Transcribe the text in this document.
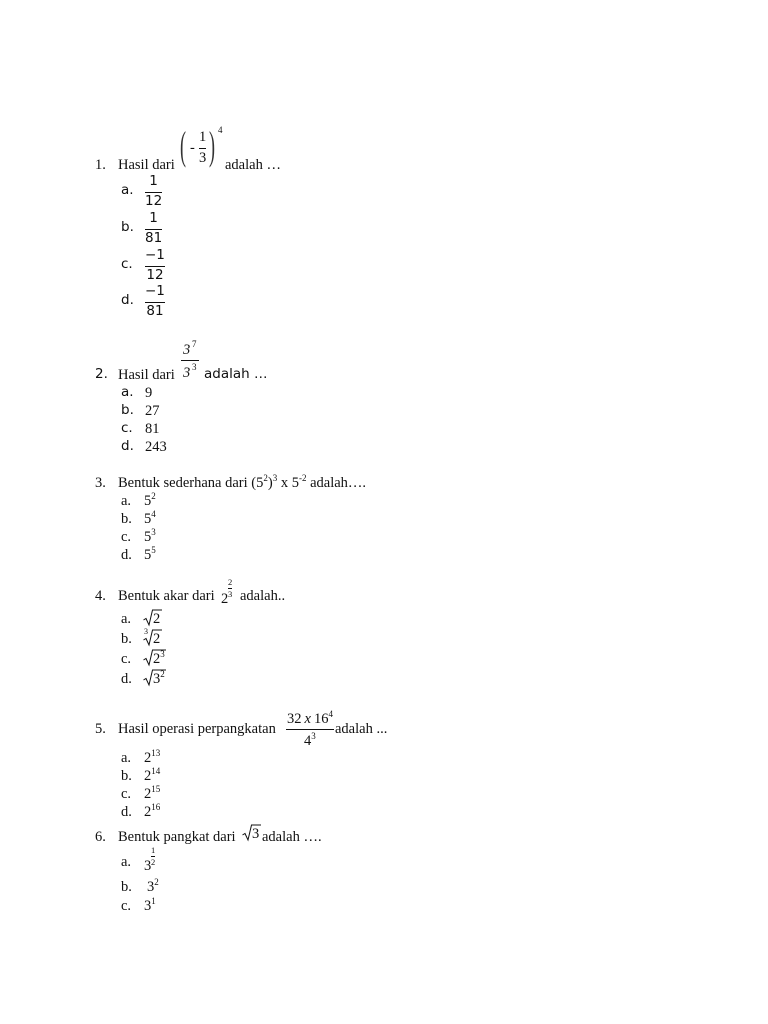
1. Hasil dari ( -
1
3 ) 4
adalah …
a.
1
12
b.
1
81
c.
−1
12
d.
−1
81
2. Hasil dari
3 7
3 3 adalah …
a. 9
b. 27
c. 81
d. 243
3. Bentuk sederhana dari $(5^2)^3$ x $5^{-2}$ adalah….
a. $5^2$
b. $5^4$
c. $5^3$
d. $5^5$
4. Bentuk akar dari 2
2
3 adalah..
a. 2
b. 3 2
c. $2^3$
d. $3^2$
5. Hasil operasi perpangkatan
32 x $16^4$
$4^3$ adalah ...
a. $2^{13}$
b. $2^{14}$
c. $2^{15}$
d. $2^{16}$
6. Bentuk pangkat dari 3 adalah ….
a. 3
1
2
b. $3^2$
c. $3^1$
